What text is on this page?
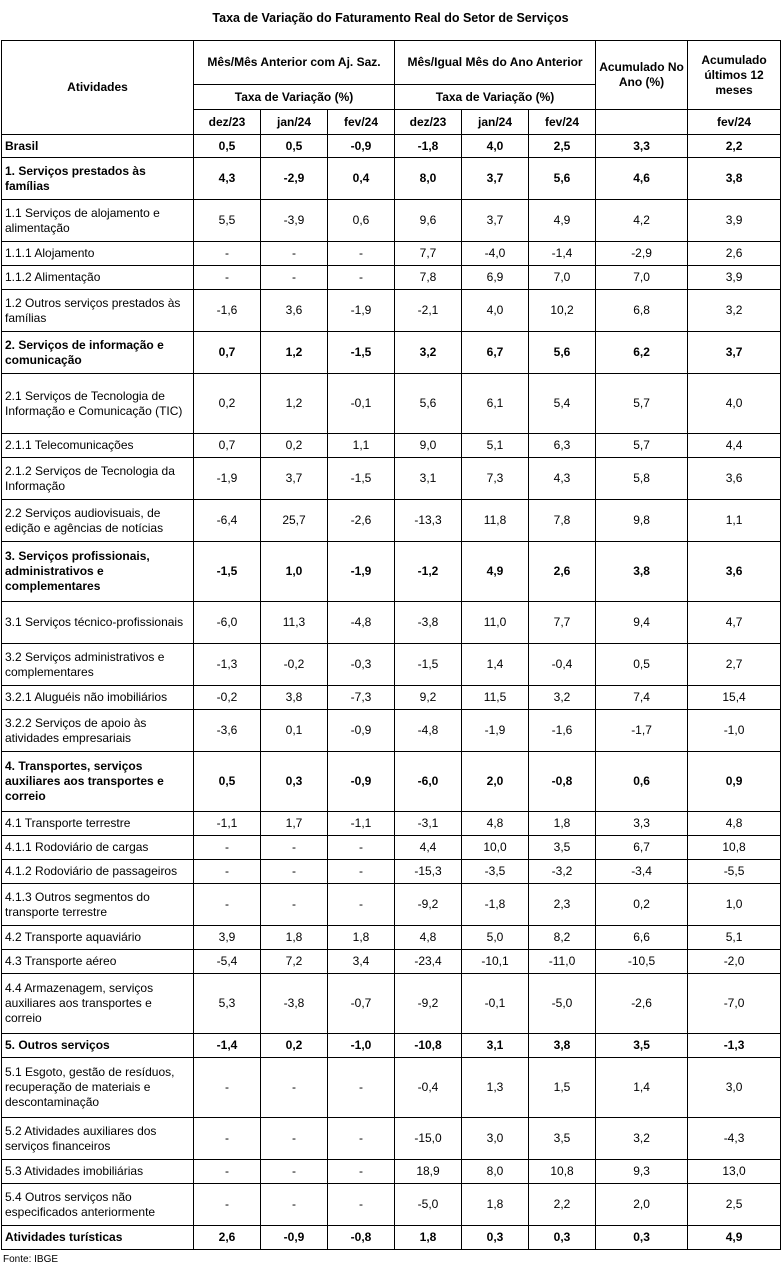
Taxa de Variação do Faturamento Real do Setor de Serviços
Atividades	Mês/Mês Anterior com Aj. Saz.			Mês/Igual Mês do Ano Anterior			Acumulado No Ano (%)	Acumulado últimos 12 meses
	Taxa de Variação (%)			Taxa de Variação (%)				
	dez/23	jan/24	fev/24	dez/23	jan/24	fev/24		fev/24
Brasil	0,5	0,5	-0,9	-1,8	4,0	2,5	3,3	2,2
1. Serviços prestados às famílias	4,3	-2,9	0,4	8,0	3,7	5,6	4,6	3,8
1.1 Serviços de alojamento e alimentação	5,5	-3,9	0,6	9,6	3,7	4,9	4,2	3,9
1.1.1 Alojamento	-	-	-	7,7	-4,0	-1,4	-2,9	2,6
1.1.2 Alimentação	-	-	-	7,8	6,9	7,0	7,0	3,9
1.2 Outros serviços prestados às famílias	-1,6	3,6	-1,9	-2,1	4,0	10,2	6,8	3,2
2. Serviços de informação e comunicação	0,7	1,2	-1,5	3,2	6,7	5,6	6,2	3,7
2.1 Serviços de Tecnologia de Informação e Comunicação (TIC)	0,2	1,2	-0,1	5,6	6,1	5,4	5,7	4,0
2.1.1 Telecomunicações	0,7	0,2	1,1	9,0	5,1	6,3	5,7	4,4
2.1.2 Serviços de Tecnologia da Informação	-1,9	3,7	-1,5	3,1	7,3	4,3	5,8	3,6
2.2 Serviços audiovisuais, de edição e agências de notícias	-6,4	25,7	-2,6	-13,3	11,8	7,8	9,8	1,1
3. Serviços profissionais, administrativos e complementares	-1,5	1,0	-1,9	-1,2	4,9	2,6	3,8	3,6
3.1 Serviços técnico-profissionais	-6,0	11,3	-4,8	-3,8	11,0	7,7	9,4	4,7
3.2 Serviços administrativos e complementares	-1,3	-0,2	-0,3	-1,5	1,4	-0,4	0,5	2,7
3.2.1 Aluguéis não imobiliários	-0,2	3,8	-7,3	9,2	11,5	3,2	7,4	15,4
3.2.2 Serviços de apoio às atividades empresariais	-3,6	0,1	-0,9	-4,8	-1,9	-1,6	-1,7	-1,0
4. Transportes, serviços auxiliares aos transportes e correio	0,5	0,3	-0,9	-6,0	2,0	-0,8	0,6	0,9
4.1 Transporte terrestre	-1,1	1,7	-1,1	-3,1	4,8	1,8	3,3	4,8
4.1.1 Rodoviário de cargas	-	-	-	4,4	10,0	3,5	6,7	10,8
4.1.2 Rodoviário de passageiros	-	-	-	-15,3	-3,5	-3,2	-3,4	-5,5
4.1.3 Outros segmentos do transporte terrestre	-	-	-	-9,2	-1,8	2,3	0,2	1,0
4.2 Transporte aquaviário	3,9	1,8	1,8	4,8	5,0	8,2	6,6	5,1
4.3 Transporte aéreo	-5,4	7,2	3,4	-23,4	-10,1	-11,0	-10,5	-2,0
4.4 Armazenagem, serviços auxiliares aos transportes e correio	5,3	-3,8	-0,7	-9,2	-0,1	-5,0	-2,6	-7,0
5. Outros serviços	-1,4	0,2	-1,0	-10,8	3,1	3,8	3,5	-1,3
5.1 Esgoto, gestão de resíduos, recuperação de materiais e descontaminação	-	-	-	-0,4	1,3	1,5	1,4	3,0
5.2 Atividades auxiliares dos serviços financeiros	-	-	-	-15,0	3,0	3,5	3,2	-4,3
5.3 Atividades imobiliárias	-	-	-	18,9	8,0	10,8	9,3	13,0
5.4 Outros serviços não especificados anteriormente	-	-	-	-5,0	1,8	2,2	2,0	2,5
Atividades turísticas	2,6	-0,9	-0,8	1,8	0,3	0,3	0,3	4,9
Fonte: IBGE
